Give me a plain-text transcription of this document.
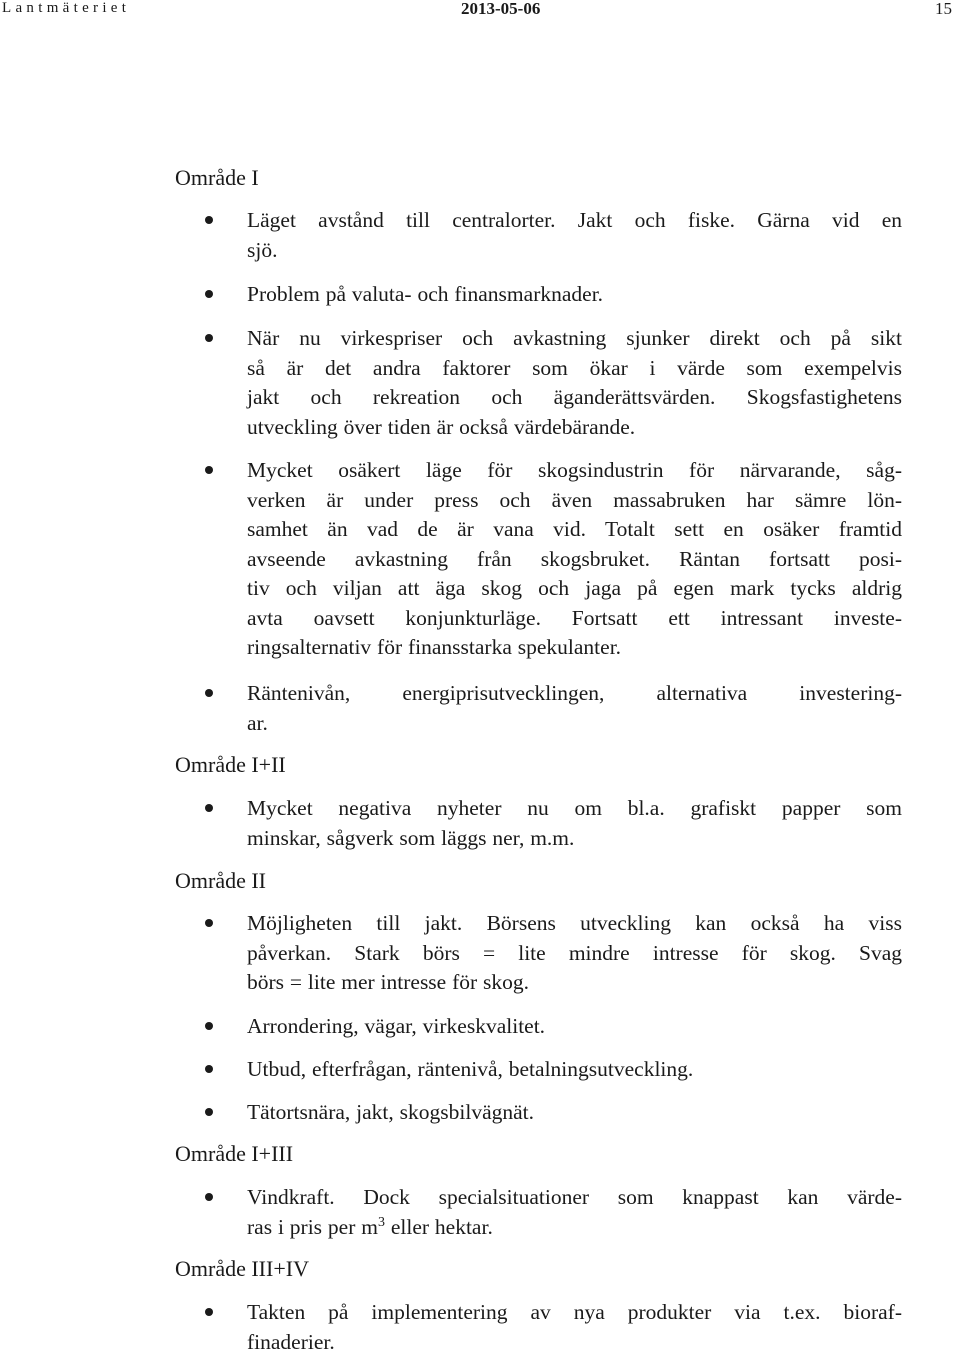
Lantmäteriet	2013-05-06	15
Område I
Läget avstånd till centralorter. Jakt och fiske. Gärna vid en
sjö.
Problem på valuta- och finansmarknader.
När nu virkespriser och avkastning sjunker direkt och på sikt
så är det andra faktorer som ökar i värde som exempelvis
jakt och rekreation och äganderättsvärden. Skogsfastighetens
utveckling över tiden är också värdebärande.
Mycket osäkert läge för skogsindustrin för närvarande, såg-
verken är under press och även massabruken har sämre lön-
samhet än vad de är vana vid. Totalt sett en osäker framtid
avseende avkastning från skogsbruket. Räntan fortsatt posi-
tiv och viljan att äga skog och jaga på egen mark tycks aldrig
avta oavsett konjunkturläge. Fortsatt ett intressant investe-
ringsalternativ för finansstarka spekulanter.
Räntenivån, energiprisutvecklingen, alternativa investering-
ar.
Område I+II
Mycket negativa nyheter nu om bl.a. grafiskt papper som
minskar, sågverk som läggs ner, m.m.
Område II
Möjligheten till jakt. Börsens utveckling kan också ha viss
påverkan. Stark börs = lite mindre intresse för skog. Svag
börs = lite mer intresse för skog.
Arrondering, vägar, virkeskvalitet.
Utbud, efterfrågan, räntenivå, betalningsutveckling.
Tätortsnära, jakt, skogsbilvägnät.
Område I+III
Vindkraft. Dock specialsituationer som knappast kan värde-
ras i pris per $m^3$ eller hektar.
Område III+IV
Takten på implementering av nya produkter via t.ex. bioraf-
finaderier.
